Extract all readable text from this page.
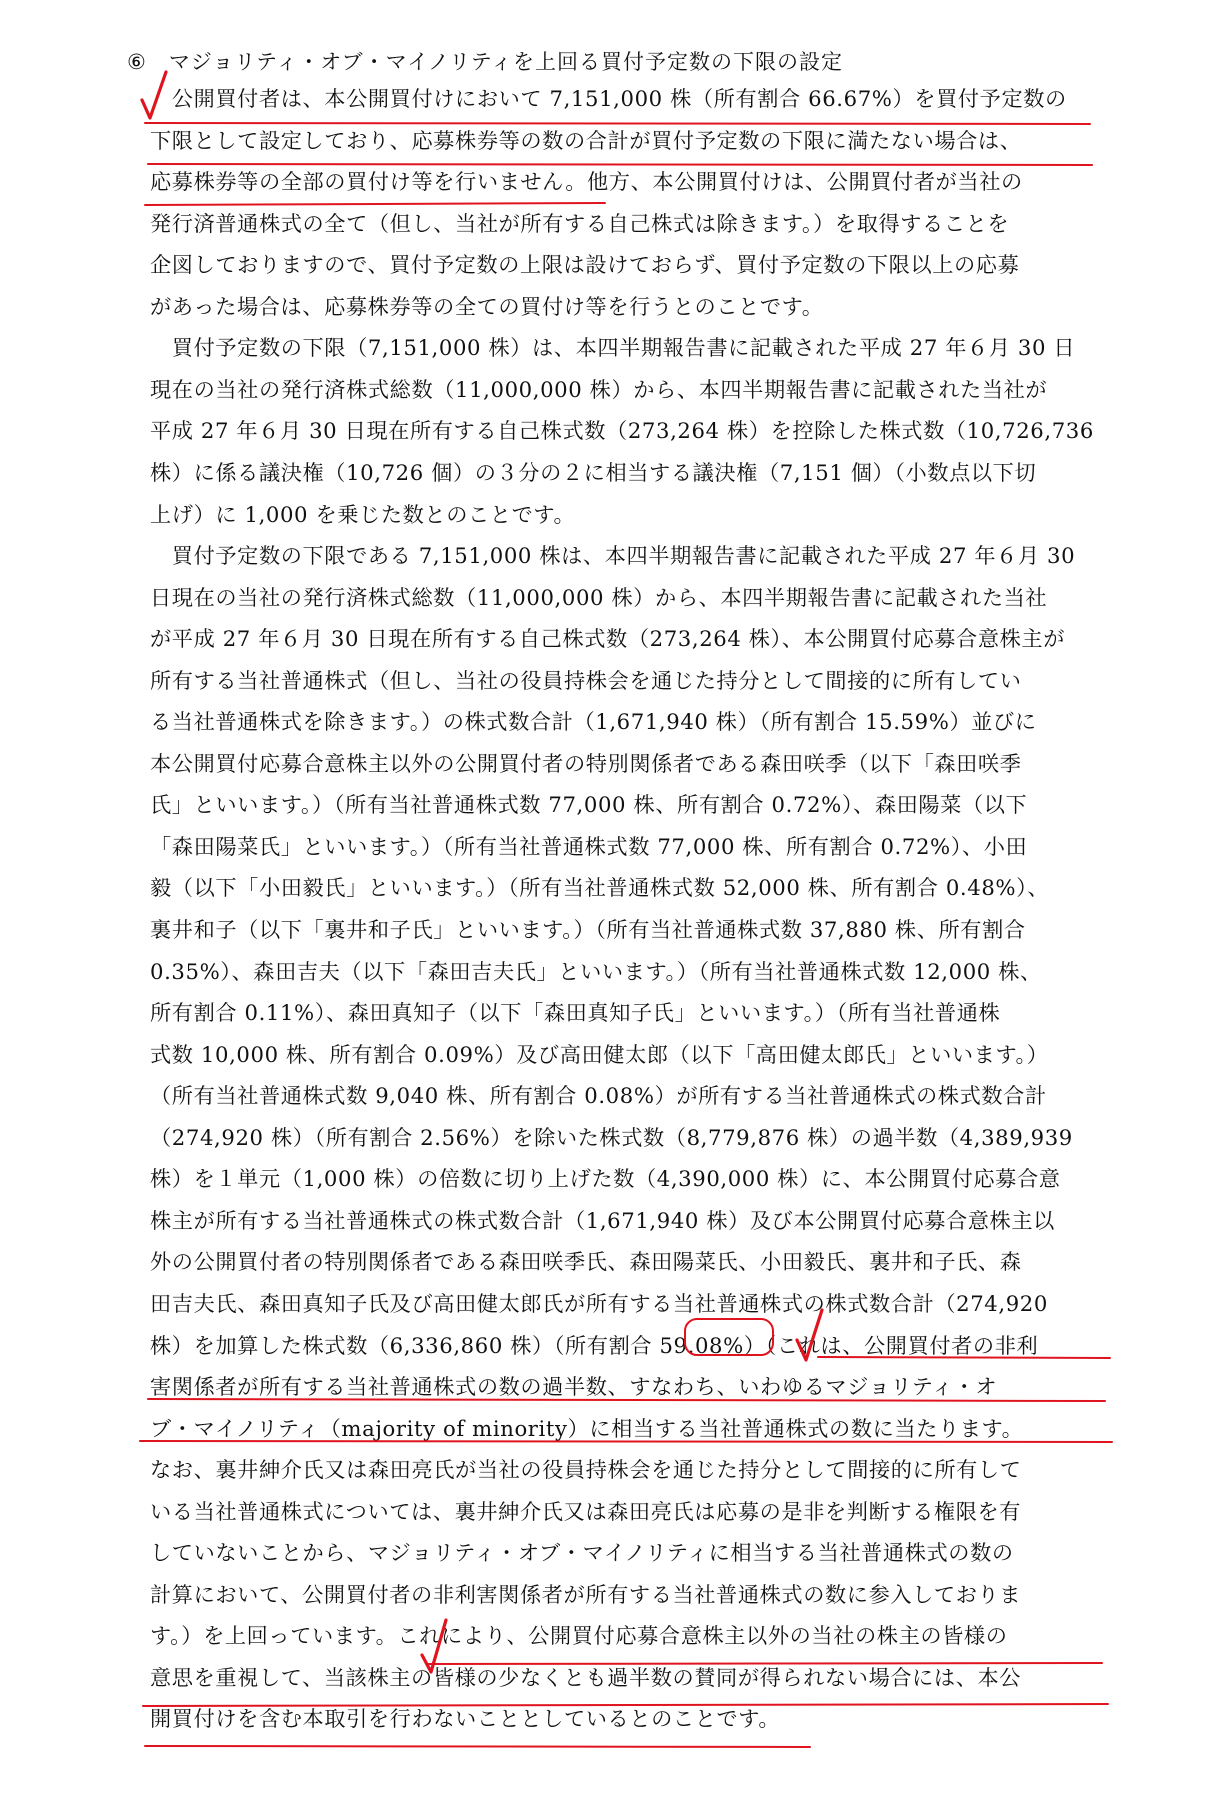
⑥ マジョリティ・オブ・マイノリティを上回る買付予定数の下限の設定
　公開買付者は、本公開買付けにおいて 7,151,000 株（所有割合 66.67%）を買付予定数の
下限として設定しており、応募株券等の数の合計が買付予定数の下限に満たない場合は、
応募株券等の全部の買付け等を行いません。他方、本公開買付けは、公開買付者が当社の
発行済普通株式の全て（但し、当社が所有する自己株式は除きます。）を取得することを
企図しておりますので、買付予定数の上限は設けておらず、買付予定数の下限以上の応募
があった場合は、応募株券等の全ての買付け等を行うとのことです。
　買付予定数の下限（7,151,000 株）は、本四半期報告書に記載された平成 27 年６月 30 日
現在の当社の発行済株式総数（11,000,000 株）から、本四半期報告書に記載された当社が
平成 27 年６月 30 日現在所有する自己株式数（273,264 株）を控除した株式数（10,726,736
株）に係る議決権（10,726 個）の３分の２に相当する議決権（7,151 個）（小数点以下切
上げ）に 1,000 を乗じた数とのことです。
　買付予定数の下限である 7,151,000 株は、本四半期報告書に記載された平成 27 年６月 30
日現在の当社の発行済株式総数（11,000,000 株）から、本四半期報告書に記載された当社
が平成 27 年６月 30 日現在所有する自己株式数（273,264 株）、本公開買付応募合意株主が
所有する当社普通株式（但し、当社の役員持株会を通じた持分として間接的に所有してい
る当社普通株式を除きます。）の株式数合計（1,671,940 株）（所有割合 15.59%）並びに
本公開買付応募合意株主以外の公開買付者の特別関係者である森田咲季（以下「森田咲季
氏」といいます。）（所有当社普通株式数 77,000 株、所有割合 0.72%）、森田陽菜（以下
「森田陽菜氏」といいます。）（所有当社普通株式数 77,000 株、所有割合 0.72%）、小田
毅（以下「小田毅氏」といいます。）（所有当社普通株式数 52,000 株、所有割合 0.48%）、
裏井和子（以下「裏井和子氏」といいます。）（所有当社普通株式数 37,880 株、所有割合
0.35%）、森田吉夫（以下「森田吉夫氏」といいます。）（所有当社普通株式数 12,000 株、
所有割合 0.11%）、森田真知子（以下「森田真知子氏」といいます。）（所有当社普通株
式数 10,000 株、所有割合 0.09%）及び高田健太郎（以下「高田健太郎氏」といいます。）
（所有当社普通株式数 9,040 株、所有割合 0.08%）が所有する当社普通株式の株式数合計
（274,920 株）（所有割合 2.56%）を除いた株式数（8,779,876 株）の過半数（4,389,939
株）を１単元（1,000 株）の倍数に切り上げた数（4,390,000 株）に、本公開買付応募合意
株主が所有する当社普通株式の株式数合計（1,671,940 株）及び本公開買付応募合意株主以
外の公開買付者の特別関係者である森田咲季氏、森田陽菜氏、小田毅氏、裏井和子氏、森
田吉夫氏、森田真知子氏及び高田健太郎氏が所有する当社普通株式の株式数合計（274,920
株）を加算した株式数（6,336,860 株）（所有割合 59.08%）（これは、公開買付者の非利
害関係者が所有する当社普通株式の数の過半数、すなわち、いわゆるマジョリティ・オ
ブ・マイノリティ（majority of minority）に相当する当社普通株式の数に当たります。
なお、裏井紳介氏又は森田亮氏が当社の役員持株会を通じた持分として間接的に所有して
いる当社普通株式については、裏井紳介氏又は森田亮氏は応募の是非を判断する権限を有
していないことから、マジョリティ・オブ・マイノリティに相当する当社普通株式の数の
計算において、公開買付者の非利害関係者が所有する当社普通株式の数に参入しておりま
す。）を上回っています。これにより、公開買付応募合意株主以外の当社の株主の皆様の
意思を重視して、当該株主の皆様の少なくとも過半数の賛同が得られない場合には、本公
開買付けを含む本取引を行わないこととしているとのことです。
